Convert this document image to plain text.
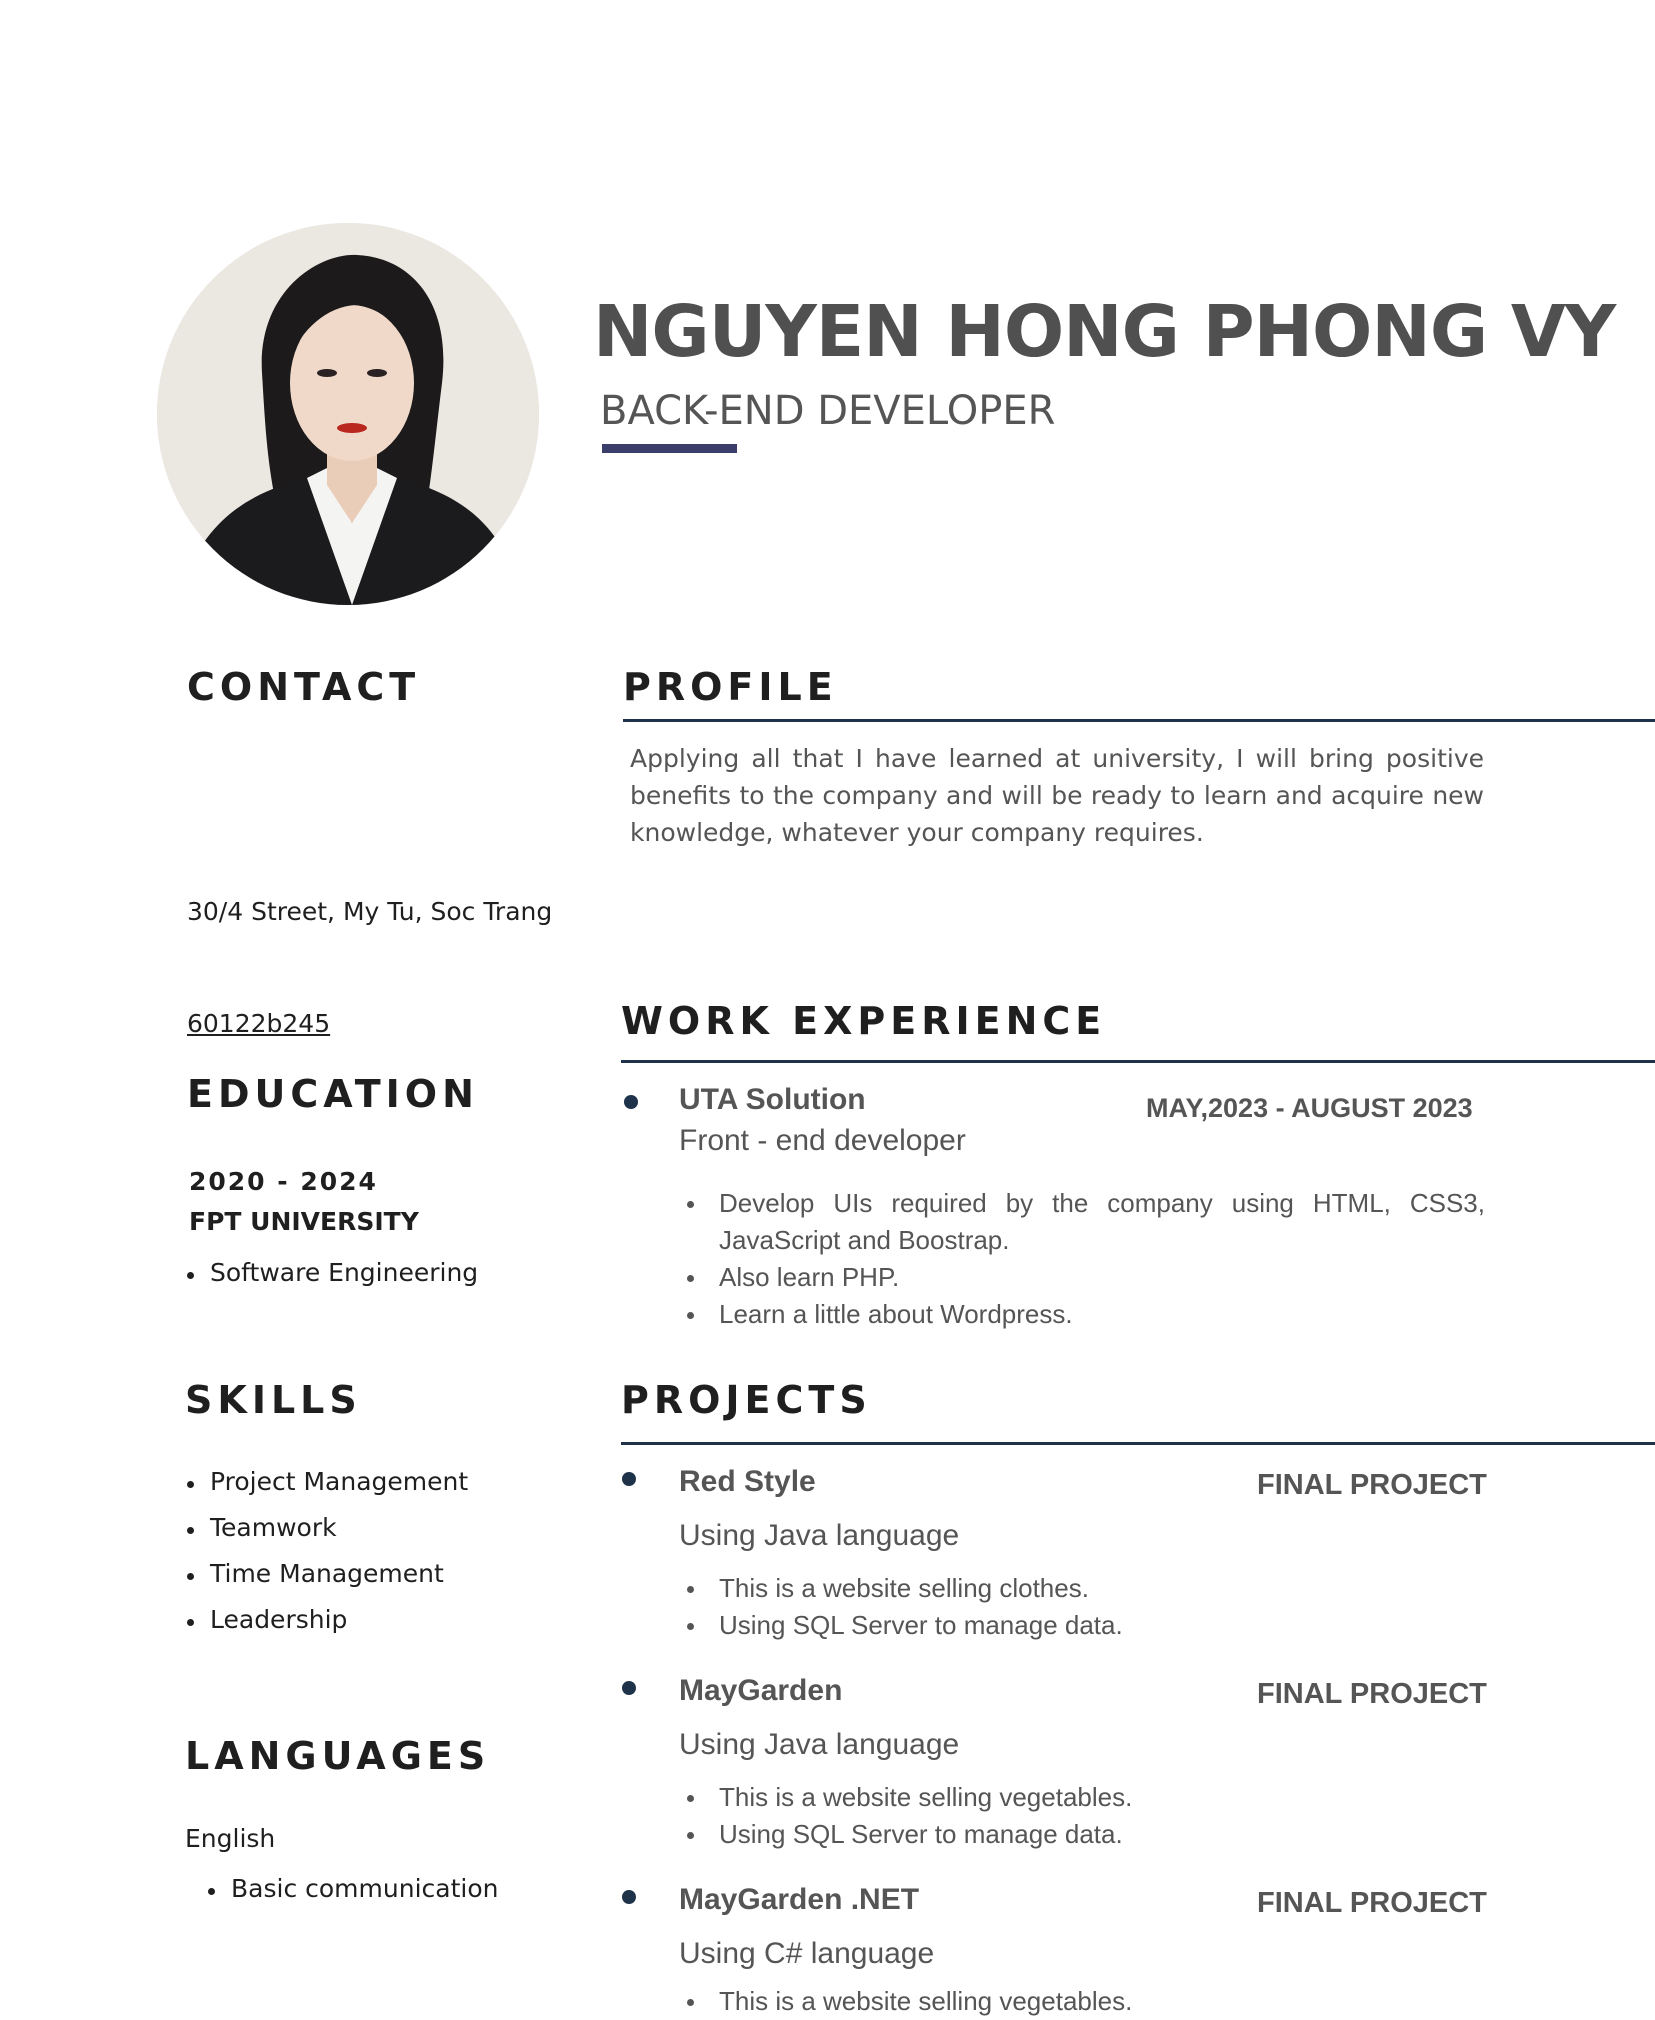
NGUYEN HONG PHONG VY
BACK-END DEVELOPER
CONTACT
30/4 Street, My Tu, Soc Trang
60122b245
EDUCATION
2020 - 2024
FPT UNIVERSITY
Software Engineering
SKILLS
Project Management
Teamwork
Time Management
Leadership
LANGUAGES
English
Basic communication
PROFILE
Applying all that I have learned at university, I will bring positive benefits to the company and will be ready to learn and acquire new knowledge, whatever your company requires.
WORK EXPERIENCE
UTA Solution	MAY,2023 - AUGUST 2023
Front - end developer
Develop UIs required by the company using HTML, CSS3, JavaScript and Boostrap.
Also learn PHP.
Learn a little about Wordpress.
PROJECTS
Red Style	FINAL PROJECT
Using Java language
This is a website selling clothes.
Using SQL Server to manage data.
MayGarden	FINAL PROJECT
Using Java language
This is a website selling vegetables.
Using SQL Server to manage data.
MayGarden .NET	FINAL PROJECT
Using C# language
This is a website selling vegetables.
